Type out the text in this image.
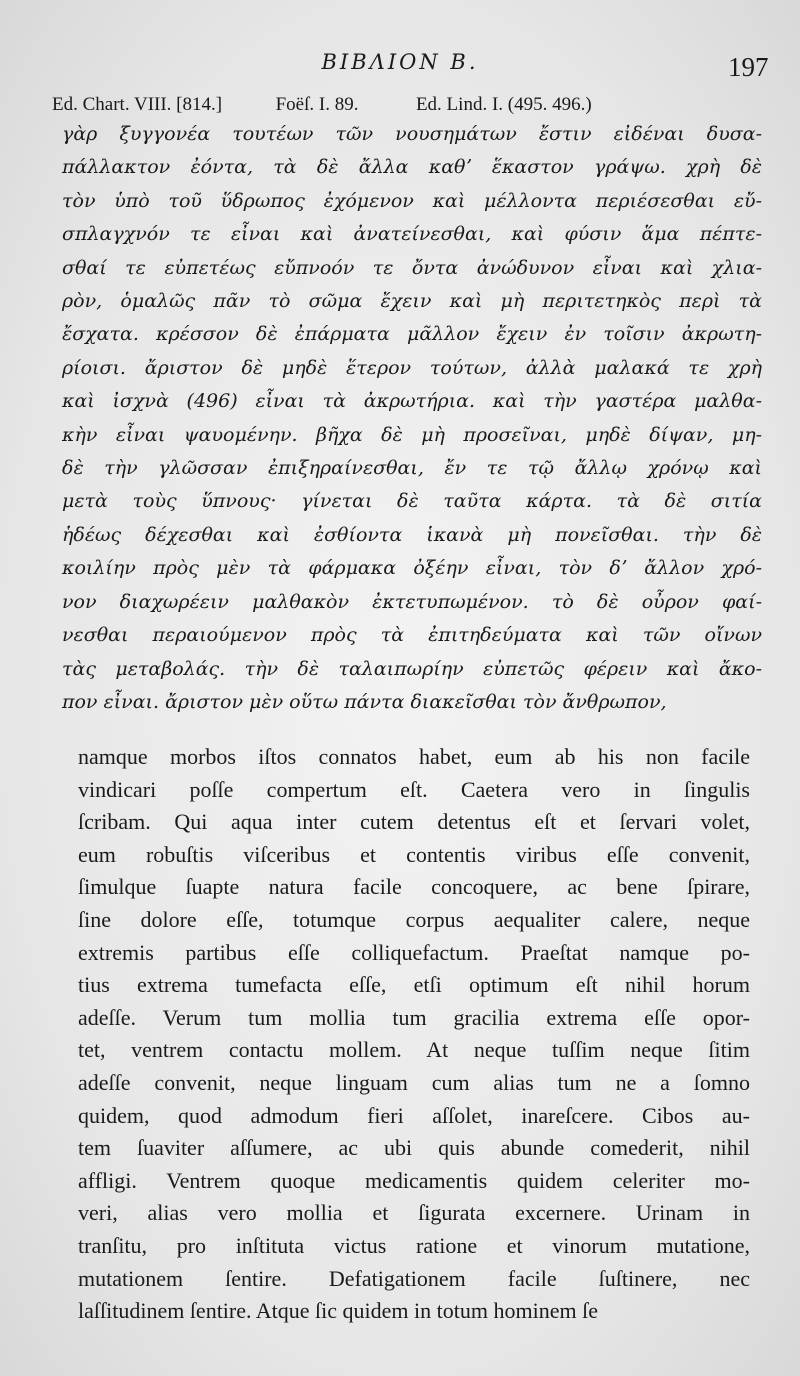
BIBΛΙΟΝ B.	197
Ed. Chart. VIII. [814.]	Foëſ. I. 89.	Ed. Lind. I. (495. 496.)
γὰρ ξυγγονέα τουτέων τῶν νουσημάτων ἔστιν εἰδέναι δυσα-
πάλλακτον ἐόντα, τὰ δὲ ἄλλα καθʼ ἕκαστον γράψω. χρὴ δὲ
τὸν ὑπὸ τοῦ ὕδρωπος ἐχόμενον καὶ μέλλοντα περιέσεσθαι εὔ-
σπλαγχνόν τε εἶναι καὶ ἀνατείνεσθαι, καὶ φύσιν ἅμα πέπτε-
σθαί τε εὐπετέως εὔπνοόν τε ὄντα ἀνώδυνον εἶναι καὶ χλια-
ρὸν, ὁμαλῶς πᾶν τὸ σῶμα ἔχειν καὶ μὴ περιτετηκὸς περὶ τὰ
ἔσχατα. κρέσσον δὲ ἐπάρματα μᾶλλον ἔχειν ἐν τοῖσιν ἀκρωτη-
ρίοισι. ἄριστον δὲ μηδὲ ἕτερον τούτων, ἀλλὰ μαλακά τε χρὴ
καὶ ἰσχνὰ (496) εἶναι τὰ ἀκρωτήρια. καὶ τὴν γαστέρα μαλθα-
κὴν εἶναι ψαυομένην. βῆχα δὲ μὴ προσεῖναι, μηδὲ δίψαν, μη-
δὲ τὴν γλῶσσαν ἐπιξηραίνεσθαι, ἔν τε τῷ ἄλλῳ χρόνῳ καὶ
μετὰ τοὺς ὕπνους· γίνεται δὲ ταῦτα κάρτα. τὰ δὲ σιτία
ἡδέως δέχεσθαι καὶ ἐσθίοντα ἱκανὰ μὴ πονεῖσθαι. τὴν δὲ
κοιλίην πρὸς μὲν τὰ φάρμακα ὀξέην εἶναι, τὸν δʼ ἄλλον χρό-
νον διαχωρέειν μαλθακὸν ἐκτετυπωμένον. τὸ δὲ οὖρον φαί-
νεσθαι περαιούμενον πρὸς τὰ ἐπιτηδεύματα καὶ τῶν οἴνων
τὰς μεταβολάς. τὴν δὲ ταλαιπωρίην εὐπετῶς φέρειν καὶ ἄκο-
πον εἶναι. ἄριστον μὲν οὕτω πάντα διακεῖσθαι τὸν ἄνθρωπον,
namque morbos iſtos connatos habet, eum ab his non facile
vindicari poſſe compertum eſt. Caetera vero in ſingulis
ſcribam. Qui aqua inter cutem detentus eſt et ſervari volet,
eum robuſtis viſceribus et contentis viribus eſſe convenit,
ſimulque ſuapte natura facile concoquere, ac bene ſpirare,
ſine dolore eſſe, totumque corpus aequaliter calere, neque
extremis partibus eſſe colliquefactum. Praeſtat namque po-
tius extrema tumefacta eſſe, etſi optimum eſt nihil horum
adeſſe. Verum tum mollia tum gracilia extrema eſſe opor-
tet, ventrem contactu mollem. At neque tuſſim neque ſitim
adeſſe convenit, neque linguam cum alias tum ne a ſomno
quidem, quod admodum fieri aſſolet, inareſcere. Cibos au-
tem ſuaviter aſſumere, ac ubi quis abunde comederit, nihil
affligi. Ventrem quoque medicamentis quidem celeriter mo-
veri, alias vero mollia et ſigurata excernere. Urinam in
tranſitu, pro inſtituta victus ratione et vinorum mutatione,
mutationem ſentire. Defatigationem facile ſuſtinere, nec
laſſitudinem ſentire. Atque ſic quidem in totum hominem ſe
